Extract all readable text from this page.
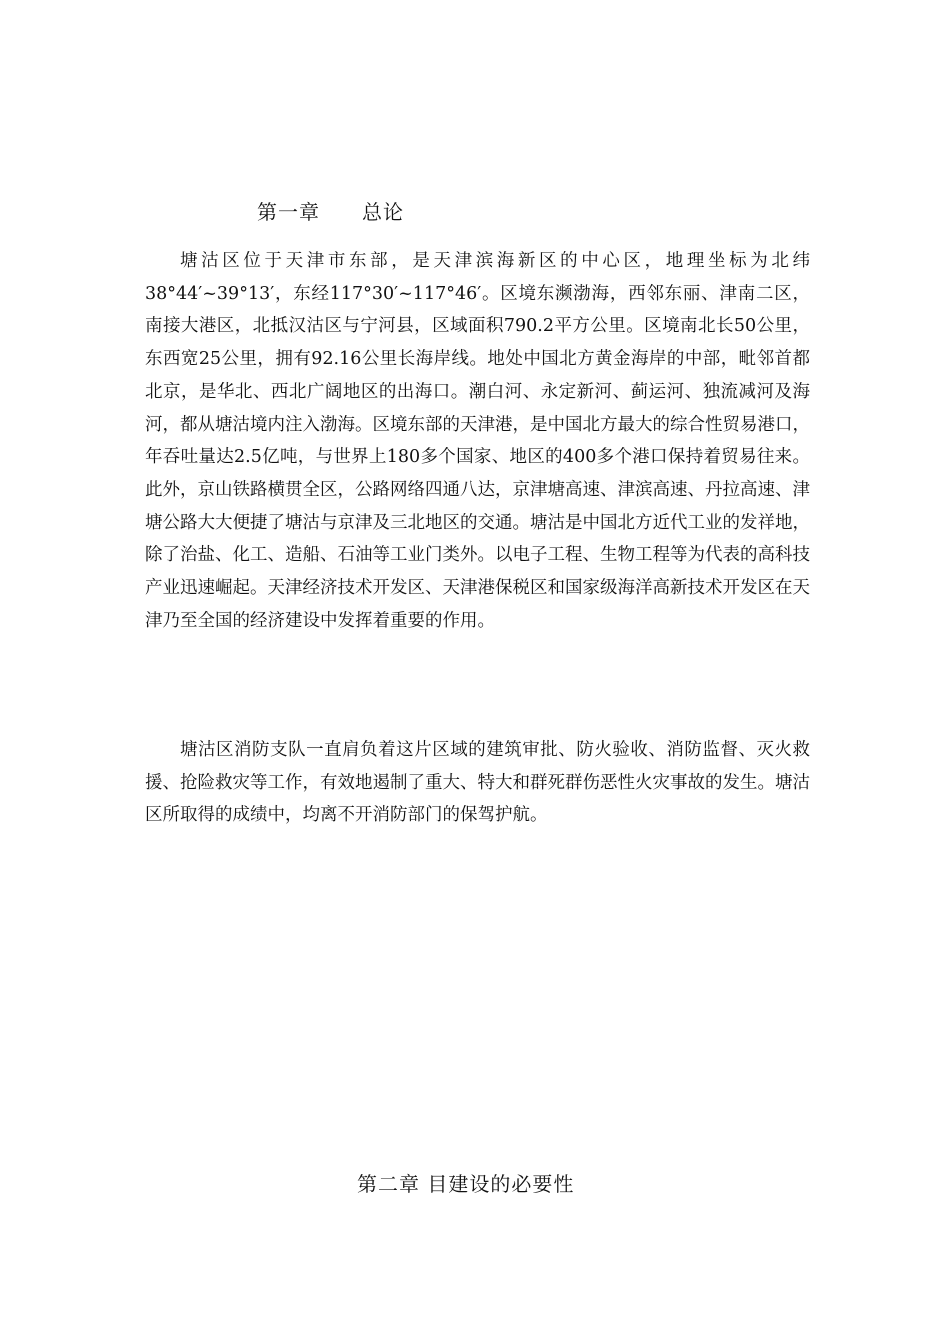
第一章　　总论

塘沽区位于天津市东部，是天津滨海新区的中心区，地理坐标为北纬38°44′~39°13′，东经117°30′~117°46′。区境东濒渤海，西邻东丽、津南二区，南接大港区，北抵汉沽区与宁河县，区域面积790.2平方公里。区境南北长50公里，东西宽25公里，拥有92.16公里长海岸线。地处中国北方黄金海岸的中部，毗邻首都北京，是华北、西北广阔地区的出海口。潮白河、永定新河、蓟运河、独流减河及海河，都从塘沽境内注入渤海。区境东部的天津港，是中国北方最大的综合性贸易港口，年吞吐量达2.5亿吨，与世界上180多个国家、地区的400多个港口保持着贸易往来。此外，京山铁路横贯全区，公路网络四通八达，京津塘高速、津滨高速、丹拉高速、津塘公路大大便捷了塘沽与京津及三北地区的交通。塘沽是中国北方近代工业的发祥地，除了治盐、化工、造船、石油等工业门类外。以电子工程、生物工程等为代表的高科技产业迅速崛起。天津经济技术开发区、天津港保税区和国家级海洋高新技术开发区在天津乃至全国的经济建设中发挥着重要的作用。

塘沽区消防支队一直肩负着这片区域的建筑审批、防火验收、消防监督、灭火救援、抢险救灾等工作，有效地遏制了重大、特大和群死群伤恶性火灾事故的发生。塘沽区所取得的成绩中，均离不开消防部门的保驾护航。

第二章 目建设的必要性
